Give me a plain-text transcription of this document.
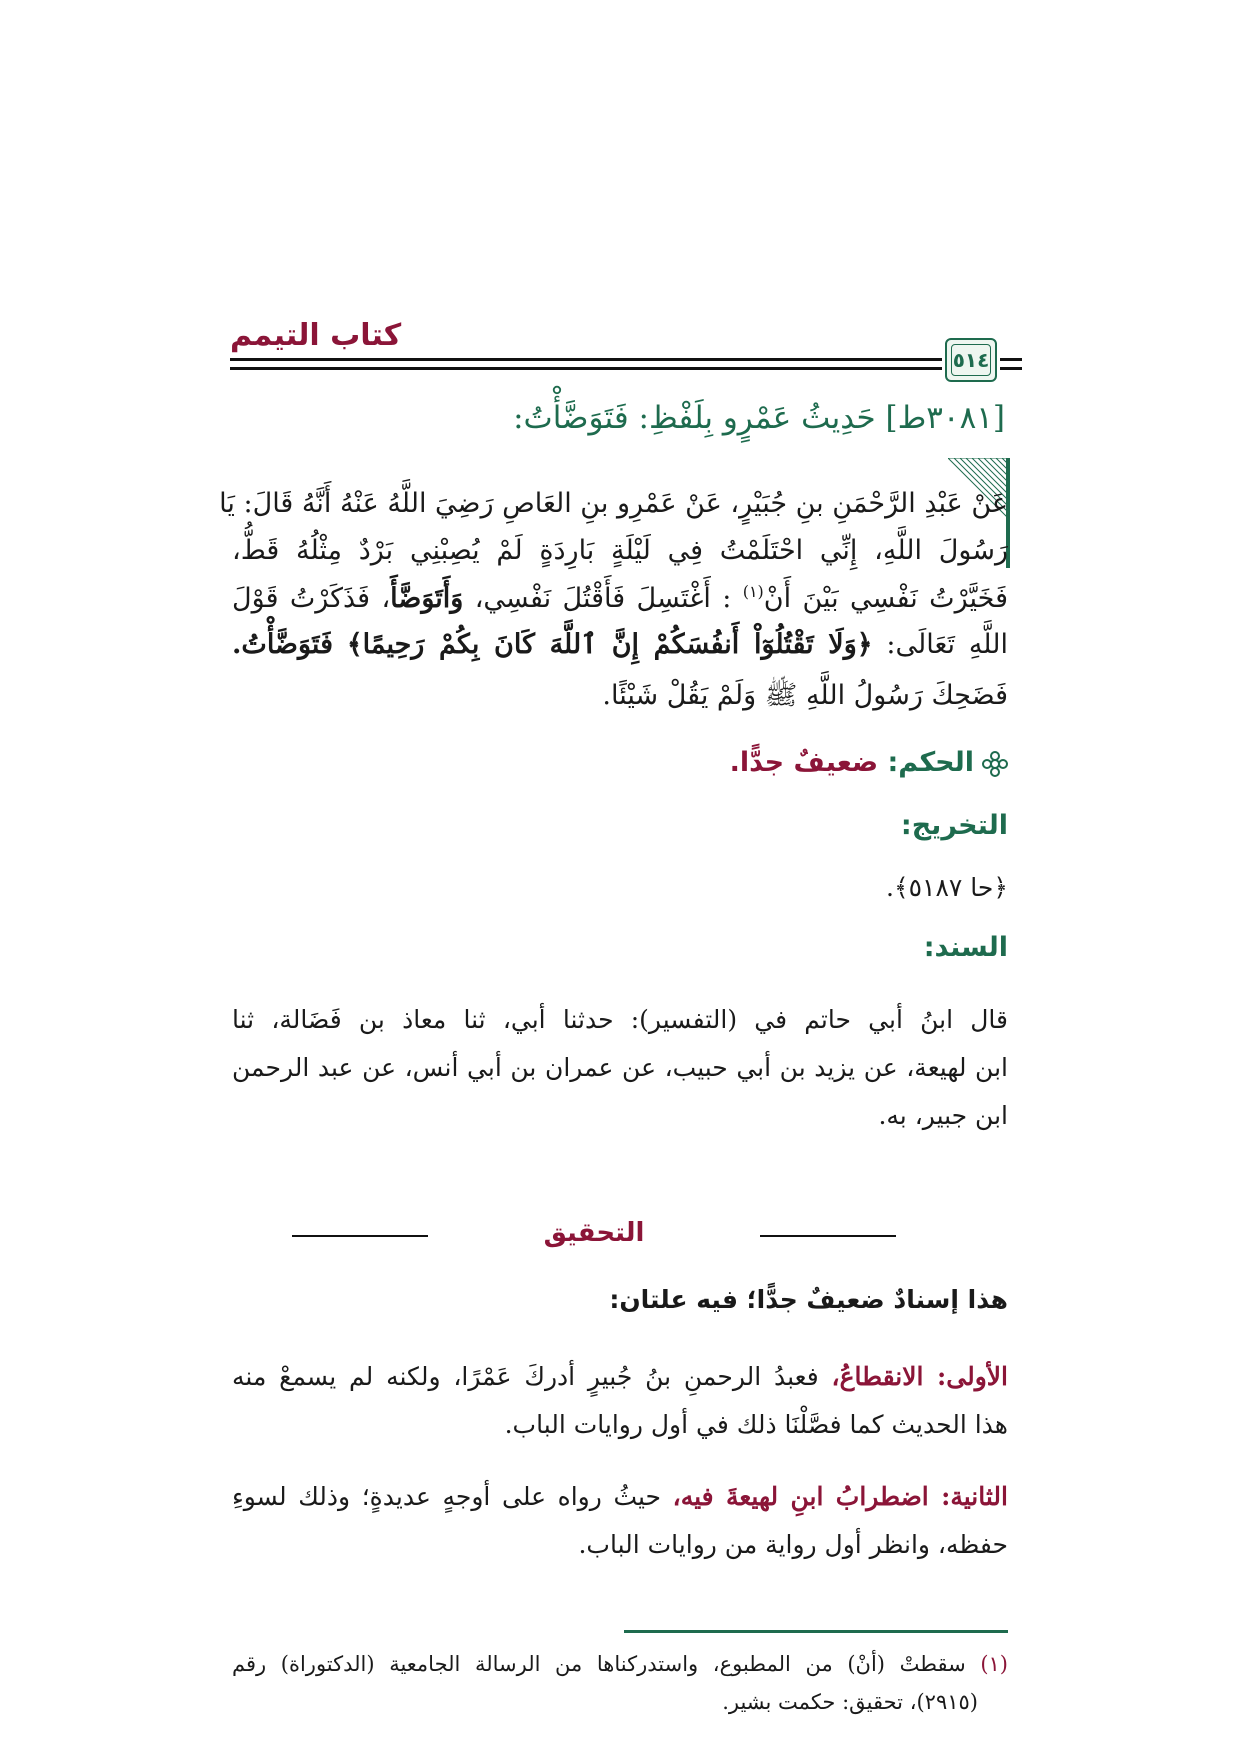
كتاب التيمم
٥١٤
[٣٠٨١ط] حَدِيثُ عَمْرٍو بِلَفْظِ: فَتَوَضَّأْتُ:
عَنْ عَبْدِ الرَّحْمَنِ بنِ جُبَيْرٍ، عَنْ عَمْرِو بنِ العَاصِ رَضِيَ اللَّهُ عَنْهُ أَنَّهُ قَالَ: يَا
رَسُولَ اللَّهِ، إِنِّي احْتَلَمْتُ فِي لَيْلَةٍ بَارِدَةٍ لَمْ يُصِبْنِي بَرْدٌ مِثْلُهُ قَطُّ،
فَخَيَّرْتُ نَفْسِي بَيْنَ أَنْ$^{(١)}$ : أَغْتَسِلَ فَأَقْتُلَ نَفْسِي، وَأَتَوَضَّأَ، فَذَكَرْتُ قَوْلَ
اللَّهِ تَعَالَى: ﴿وَلَا تَقْتُلُوٓاْ أَنفُسَكُمْ إِنَّ ٱللَّهَ كَانَ بِكُمْ رَحِيمًا﴾ فَتَوَضَّأْتُ.
فَضَحِكَ رَسُولُ اللَّهِ ﷺ وَلَمْ يَقُلْ شَيْئًا.
الحكم: ضعيفٌ جدًّا.
التخريج:
﴿حا ٥١٨٧﴾.
السند:
قال ابنُ أبي حاتم في (التفسير): حدثنا أبي، ثنا معاذ بن فَضَالة، ثنا
ابن لهيعة، عن يزيد بن أبي حبيب، عن عمران بن أبي أنس، عن عبد الرحمن
ابن جبير، به.
التحقيق
هذا إسنادٌ ضعيفٌ جدًّا؛ فيه علتان:
الأولى: الانقطاعُ، فعبدُ الرحمنِ بنُ جُبيرٍ أدركَ عَمْرًا، ولكنه لم يسمعْ منه
هذا الحديث كما فصَّلْنَا ذلك في أول روايات الباب.
الثانية: اضطرابُ ابنِ لهيعةَ فيه، حيثُ رواه على أوجهٍ عديدةٍ؛ وذلك لسوءِ
حفظه، وانظر أول رواية من روايات الباب.
(١) سقطتْ (أنْ) من المطبوع، واستدركناها من الرسالة الجامعية (الدكتوراة) رقم
(٢٩١٥)، تحقيق: حكمت بشير.
